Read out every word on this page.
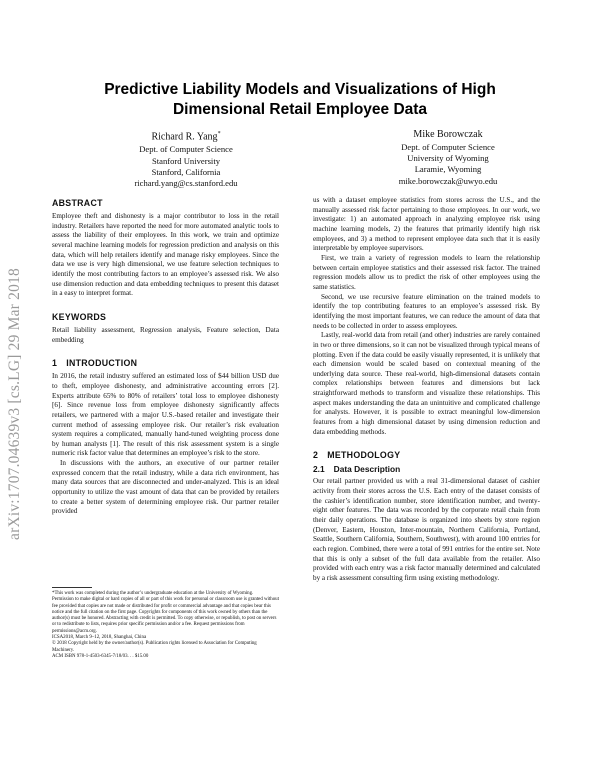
arXiv:1707.04639v3 [cs.LG] 29 Mar 2018
Predictive Liability Models and Visualizations of High Dimensional Retail Employee Data
Richard R. Yang*
Dept. of Computer Science
Stanford University
Stanford, California
richard.yang@cs.stanford.edu
Mike Borowczak
Dept. of Computer Science
University of Wyoming
Laramie, Wyoming
mike.borowczak@uwyo.edu
ABSTRACT

Employee theft and dishonesty is a major contributor to loss in the retail industry. Retailers have reported the need for more automated analytic tools to assess the liability of their employees. In this work, we train and optimize several machine learning models for regression prediction and analysis on this data, which will help retailers identify and manage risky employees. Since the data we use is very high dimensional, we use feature selection techniques to identify the most contributing factors to an employee’s assessed risk. We also use dimension reduction and data embedding techniques to present this dataset in a easy to interpret format.

KEYWORDS

Retail liability assessment, Regression analysis, Feature selection, Data embedding

1 INTRODUCTION

In 2016, the retail industry suffered an estimated loss of $44 billion USD due to theft, employee dishonesty, and administrative accounting errors [2]. Experts attribute 65% to 80% of retailers’ total loss to employee dishonesty [6]. Since revenue loss from employee dishonesty significantly affects retailers, we partnered with a major U.S.-based retailer and investigate their current method of assessing employee risk. Our retailer’s risk evaluation system requires a complicated, manually hand-tuned weighting process done by human analysts [1]. The result of this risk assessment system is a single numeric risk factor value that determines an employee’s risk to the store.

In discussions with the authors, an executive of our partner retailer expressed concern that the retail industry, while a data rich environment, has many data sources that are disconnected and under-analyzed. This is an ideal opportunity to utilize the vast amount of data that can be provided by retailers to create a better system of determining employee risk. Our partner retailer provided

*This work was completed during the author’s undergraduate education at the University of Wyoming.

Permission to make digital or hard copies of all or part of this work for personal or classroom use is granted without fee provided that copies are not made or distributed for profit or commercial advantage and that copies bear this notice and the full citation on the first page. Copyrights for components of this work owned by others than the author(s) must be honored. Abstracting with credit is permitted. To copy otherwise, or republish, to post on servers or to redistribute to lists, requires prior specific permission and/or a fee. Request permissions from permissions@acm.org.

ICSA2018, March 9–12, 2018, Shanghai, China

© 2018 Copyright held by the owner/author(s). Publication rights licensed to Association for Computing Machinery.

ACM ISBN 978-1-4503-6345-7/18/03. . . $15.00

us with a dataset employee statistics from stores across the U.S., and the manually assessed risk factor pertaining to those employees. In our work, we investigate: 1) an automated approach in analyzing employee risk using machine learning models, 2) the features that primarily identify high risk employees, and 3) a method to represent employee data such that it is easily interpretable by employee supervisors.

First, we train a variety of regression models to learn the relationship between certain employee statistics and their assessed risk factor. The trained regression models allow us to predict the risk of other employees using the same statistics.

Second, we use recursive feature elimination on the trained models to identify the top contributing features to an employee’s assessed risk. By identifying the most important features, we can reduce the amount of data that needs to be collected in order to assess employees.

Lastly, real-world data from retail (and other) industries are rarely contained in two or three dimensions, so it can not be visualized through typical means of plotting. Even if the data could be easily visually represented, it is unlikely that each dimension would be scaled based on contextual meaning of the underlying data source. These real-world, high-dimensional datasets contain complex relationships between features and dimensions but lack straightforward methods to transform and visualize these relationships. This aspect makes understanding the data an unintuitive and complicated challenge for analysts. However, it is possible to extract meaningful low-dimension features from a high dimensional dataset by using dimension reduction and data embedding methods.

2 METHODOLOGY
2.1 Data Description

Our retail partner provided us with a real 31-dimensional dataset of cashier activity from their stores across the U.S. Each entry of the dataset consists of the cashier’s identification number, store identification number, and twenty-eight other features. The data was recorded by the corporate retail chain from their daily operations. The database is organized into sheets by store region (Denver, Eastern, Houston, Inter-mountain, Northern California, Portland, Seattle, Southern California, Southern, Southwest), with around 100 entries for each region. Combined, there were a total of 991 entries for the entire set. Note that this is only a subset of the full data available from the retailer. Also provided with each entry was a risk factor manually determined and calculated by a risk assessment consulting firm using existing methodology.
